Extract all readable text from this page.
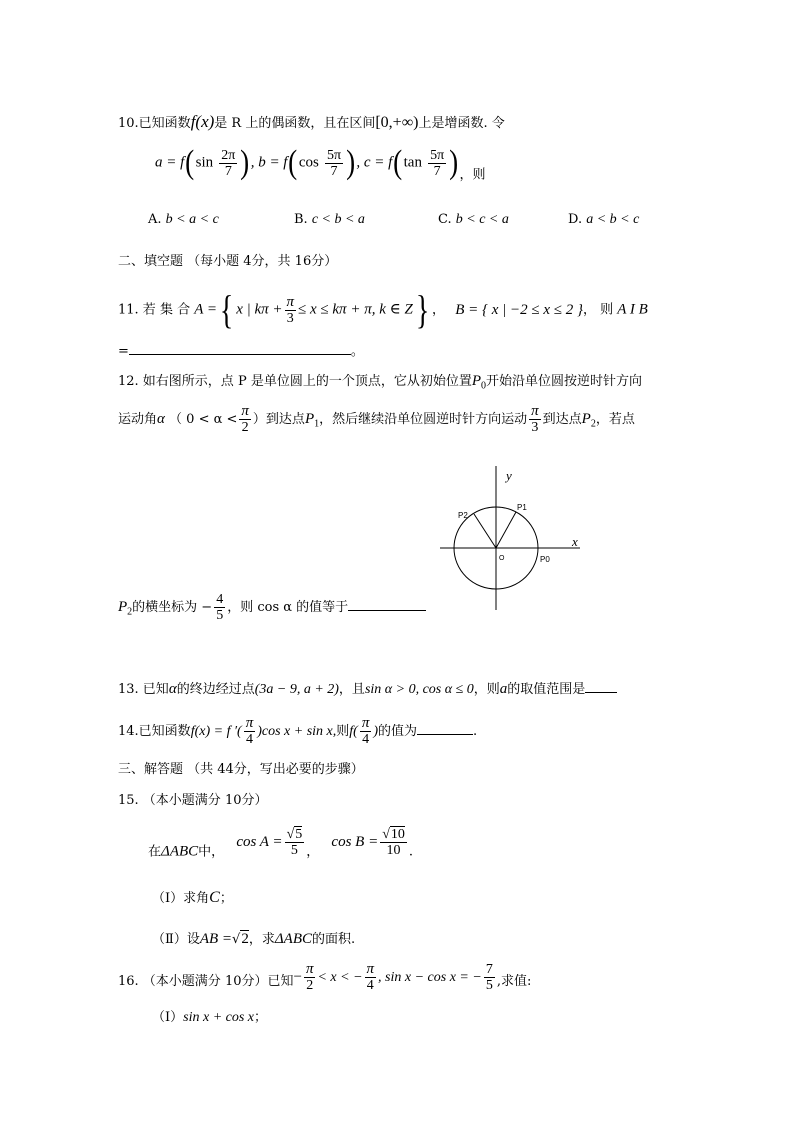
10.已知函数f(x)是 R 上的偶函数，且在区间[0,+∞)上是增函数. 令
$a = f(\sin \frac{2\pi}{7}$ ), $b = f(\cos \frac{5\pi}{7}$ ), $c = f(\tan \frac{5\pi}{7}$ )，则
A. b < a < c	B. c < b < a	C. b < c < a	D. a < b < c
二、填空题 （每小题 4分，共 16分）
11. 若 集 合 A ={ x | $k\pi + \frac{\pi}{3} \le x \le k\pi + \pi$, k ∈ Z} ， B = { x | −2 ≤ x ≤ 2 }， 则 A I B
=	。
12. 如右图所示，点 P 是单位圆上的一个顶点，它从初始位置$P_0$开始沿单位圆按逆时针方向
运动角α （ $0 < \alpha < \frac{\pi}{2}$ ）到达点$P_1$，然后继续沿单位圆逆时针方向运动 $\frac{\pi}{3}$ 到达点$P_2$，若点
y
x
P1
P2
O	P0
$P_2$的横坐标为 − $\frac{4}{5}$ ，则 cos α 的值等于
13. 已知α的终边经过点(3a − 9, a + 2)，且sin α > 0, cos α ≤ 0，则a的取值范围是
14.已知函数f(x) = f ′( $\frac{\pi}{4} )\cos$ x + sin x,则$f( \frac{\pi}{4}$ )的值为	.
三、解答题 （共 44分，写出必要的步骤）
15. （本小题满分 10分）
在ΔABC中， $\cos A = \frac{√5}{5}$ ， $\cos B = \frac{√10}{10}$ .
（Ⅰ）求角C；
（Ⅱ）设AB =√2，求ΔABC的面积.
16. （本小题满分 10分）已知− $\frac{\pi}{2} < x$ < − $\frac{\pi}{4}$ , sin x − cos x = − $\frac{7}{5}$ ,求值:
（Ⅰ）sin x + cos x；
